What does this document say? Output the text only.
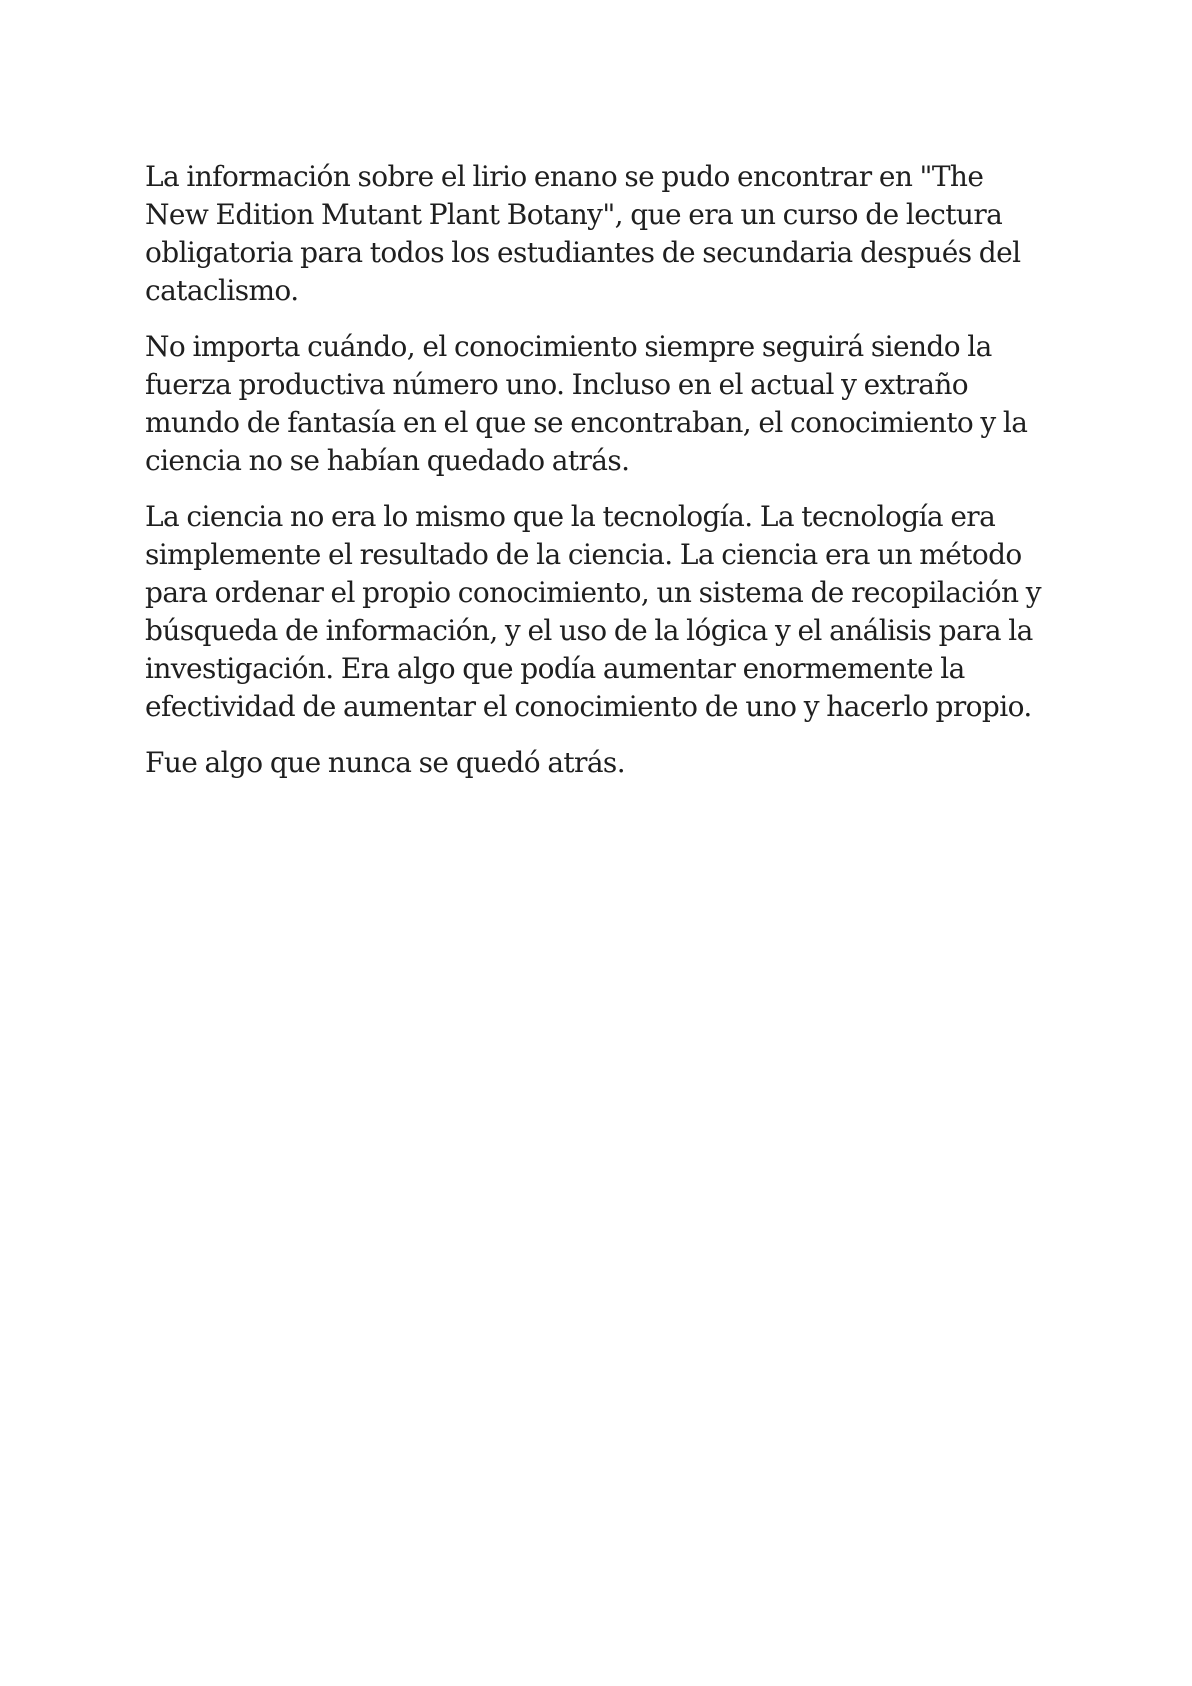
La información sobre el lirio enano se pudo encontrar en "The New Edition Mutant Plant Botany", que era un curso de lectura obligatoria para todos los estudiantes de secundaria después del cataclismo.

No importa cuándo, el conocimiento siempre seguirá siendo la fuerza productiva número uno. Incluso en el actual y extraño mundo de fantasía en el que se encontraban, el conocimiento y la ciencia no se habían quedado atrás.

La ciencia no era lo mismo que la tecnología. La tecnología era simplemente el resultado de la ciencia. La ciencia era un método para ordenar el propio conocimiento, un sistema de recopilación y búsqueda de información, y el uso de la lógica y el análisis para la investigación. Era algo que podía aumentar enormemente la efectividad de aumentar el conocimiento de uno y hacerlo propio.

Fue algo que nunca se quedó atrás.
